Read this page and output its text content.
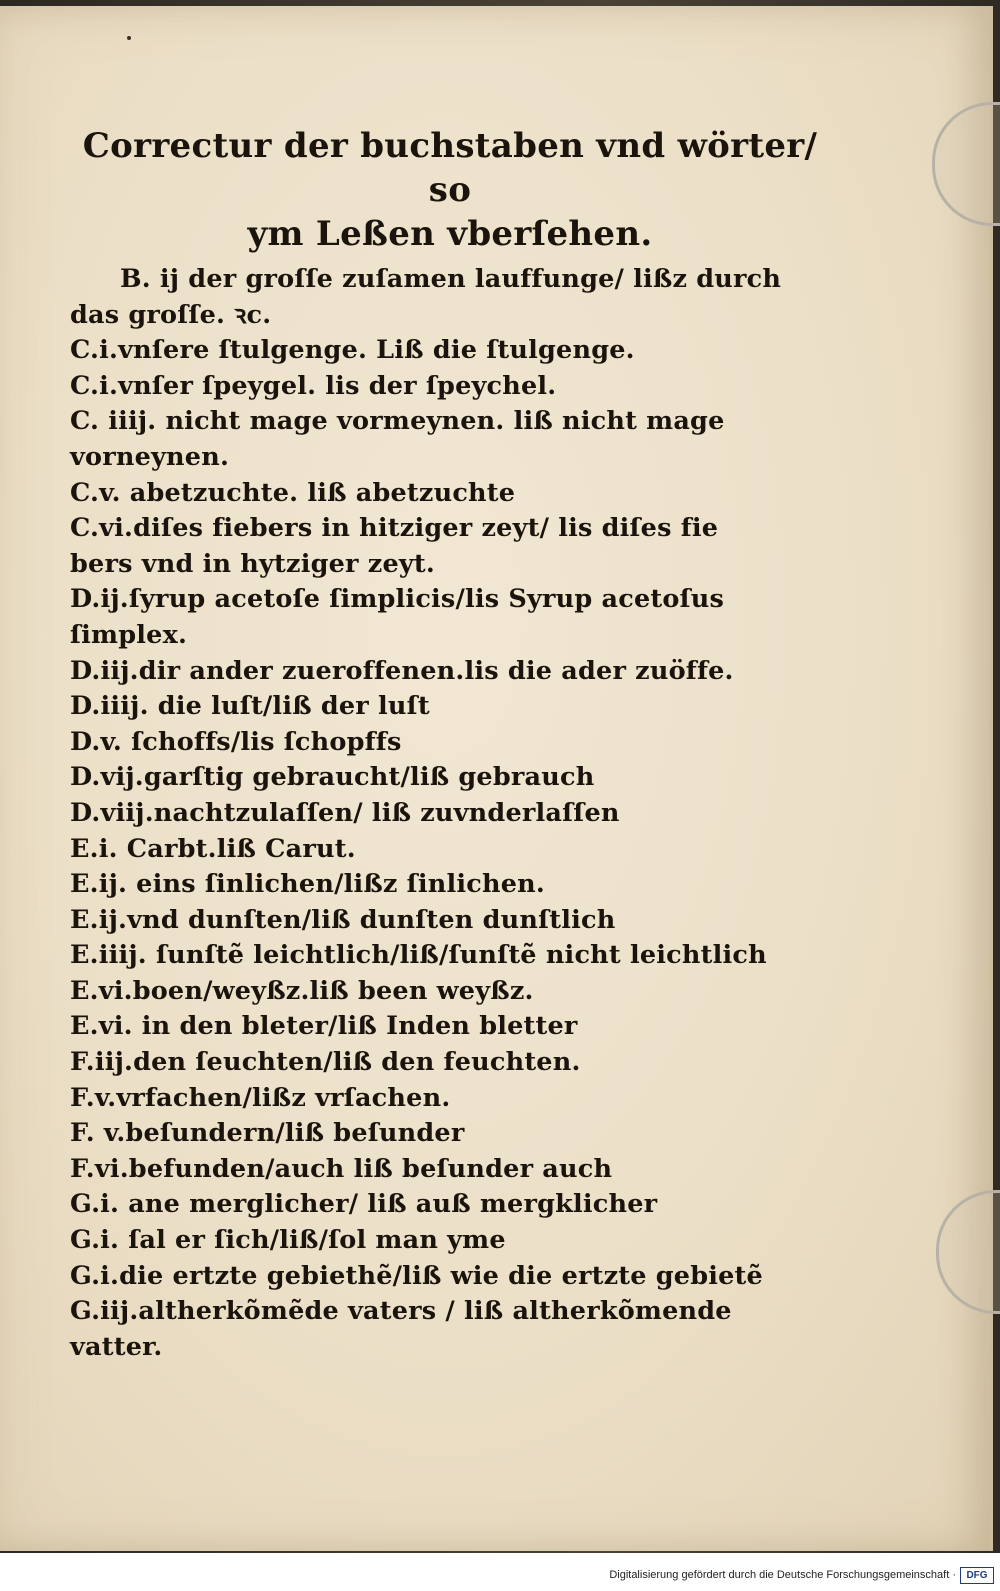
Correctur der buchstaben vnd wörter/ so
ym Leßen vberſehen.
B. ij der groſſe zuſamen lauffunge/ lißz durch
das groſſe. ꝛc.
C.i.vnſere ſtulgenge. Liß die ſtulgenge.
C.i.vnſer ſpeygel. lis der ſpeychel.
C. iiij. nicht mage vormeynen. liß nicht mage
vorneynen.
C.v. abetzuchte. liß abetzuchte
C.vi.diſes fiebers in hitziger zeyt/ lis diſes fie
bers vnd in hytziger zeyt.
D.ij.ſyrup acetoſe ſimplicis/lis Syrup acetoſus
ſimplex.
D.iij.dir ander zueroffenen.lis die ader zuöffe.
D.iiij. die luſt/liß der luſt
D.v. ſchoffs/lis ſchopffs
D.vij.garſtig gebraucht/liß gebrauch
D.viij.nachtzulaſſen/ liß zuvnderlaſſen
E.i. Carbt.liß Carut.
E.ij. eins ſinlichen/lißz ſinlichen.
E.ij.vnd dunſten/liß dunſten dunſtlich
E.iiij. ſunſtẽ leichtlich/liß/ſunſtẽ nicht leichtlich
E.vi.boen/weyßz.liß been weyßz.
E.vi. in den bleter/liß Inden bletter
F.iij.den ſeuchten/liß den feuchten.
F.v.vrfachen/lißz vrſachen.
F. v.beſundern/liß beſunder
F.vi.befunden/auch liß beſunder auch
G.i. ane merglicher/ liß auß mergklicher
G.i. ſal er ſich/liß/ſol man yme
G.i.die ertzte gebiethẽ/liß wie die ertzte gebietẽ
G.iij.altherkõmẽde vaters / liß altherkõmende
vatter.
Digitalisierung gefördert durch die Deutsche Forschungsgemeinschaft ·	DFG
